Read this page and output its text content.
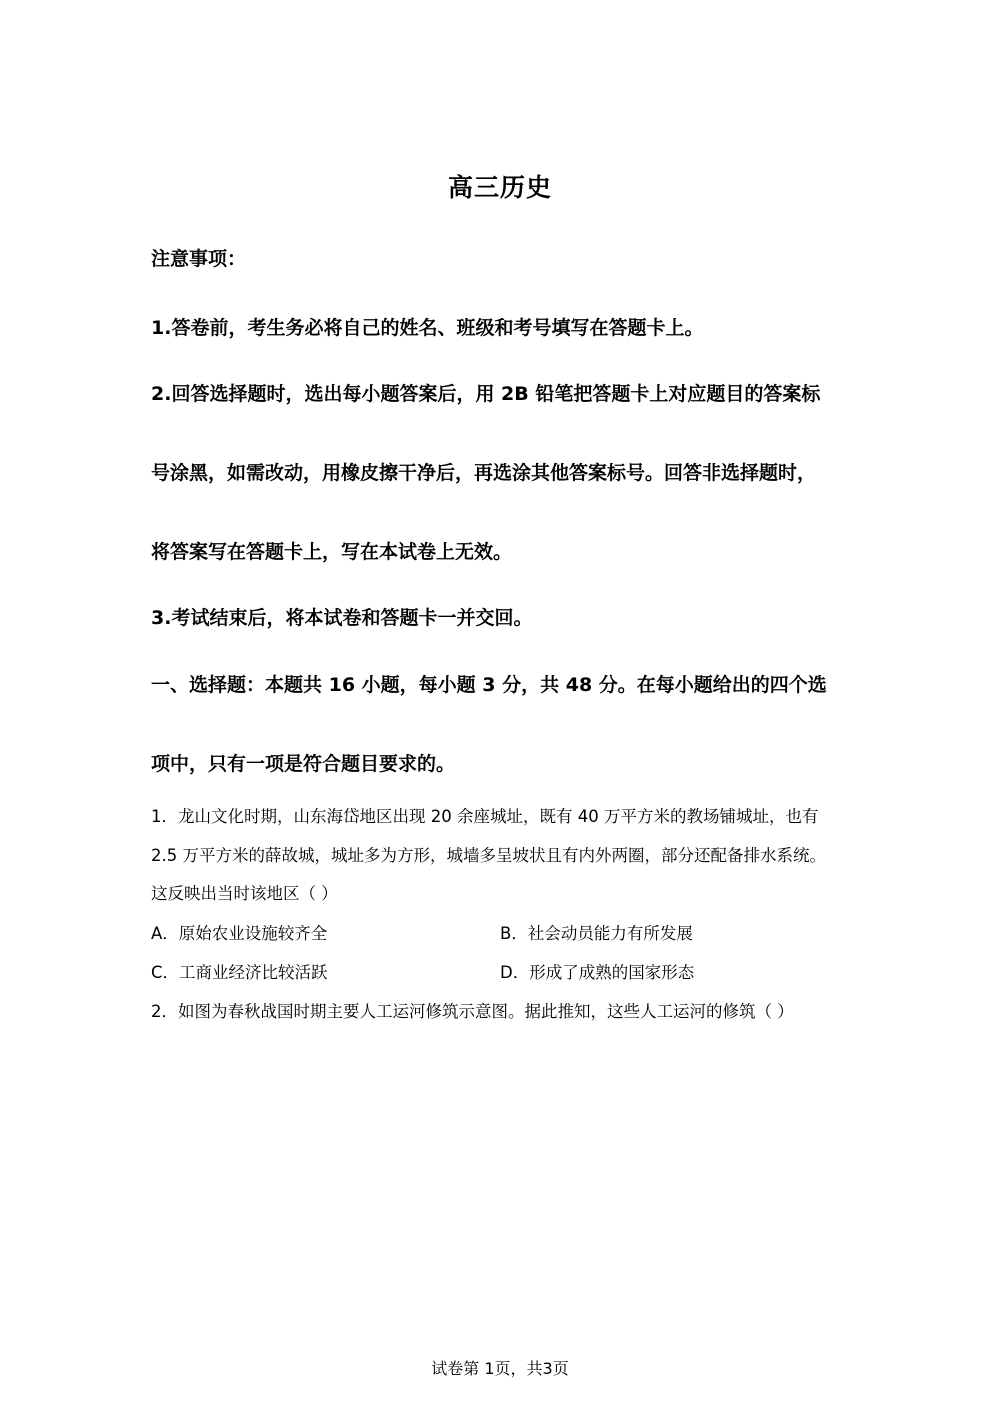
高三历史
注意事项：
1.答卷前，考生务必将自己的姓名、班级和考号填写在答题卡上。
2.回答选择题时，选出每小题答案后，用 2B 铅笔把答题卡上对应题目的答案标
号涂黑，如需改动，用橡皮擦干净后，再选涂其他答案标号。回答非选择题时，
将答案写在答题卡上，写在本试卷上无效。
3.考试结束后，将本试卷和答题卡一并交回。
一、选择题：本题共 16 小题，每小题 3 分，共 48 分。在每小题给出的四个选
项中，只有一项是符合题目要求的。
1．龙山文化时期，山东海岱地区出现 20 余座城址，既有 40 万平方米的教场铺城址，也有
2.5 万平方米的薛故城，城址多为方形，城墙多呈坡状且有内外两圈，部分还配备排水系统。
这反映出当时该地区（ ）
A．原始农业设施较齐全	B．社会动员能力有所发展
C．工商业经济比较活跃	D．形成了成熟的国家形态
2．如图为春秋战国时期主要人工运河修筑示意图。据此推知，这些人工运河的修筑（ ）
试卷第 1页，共3页
